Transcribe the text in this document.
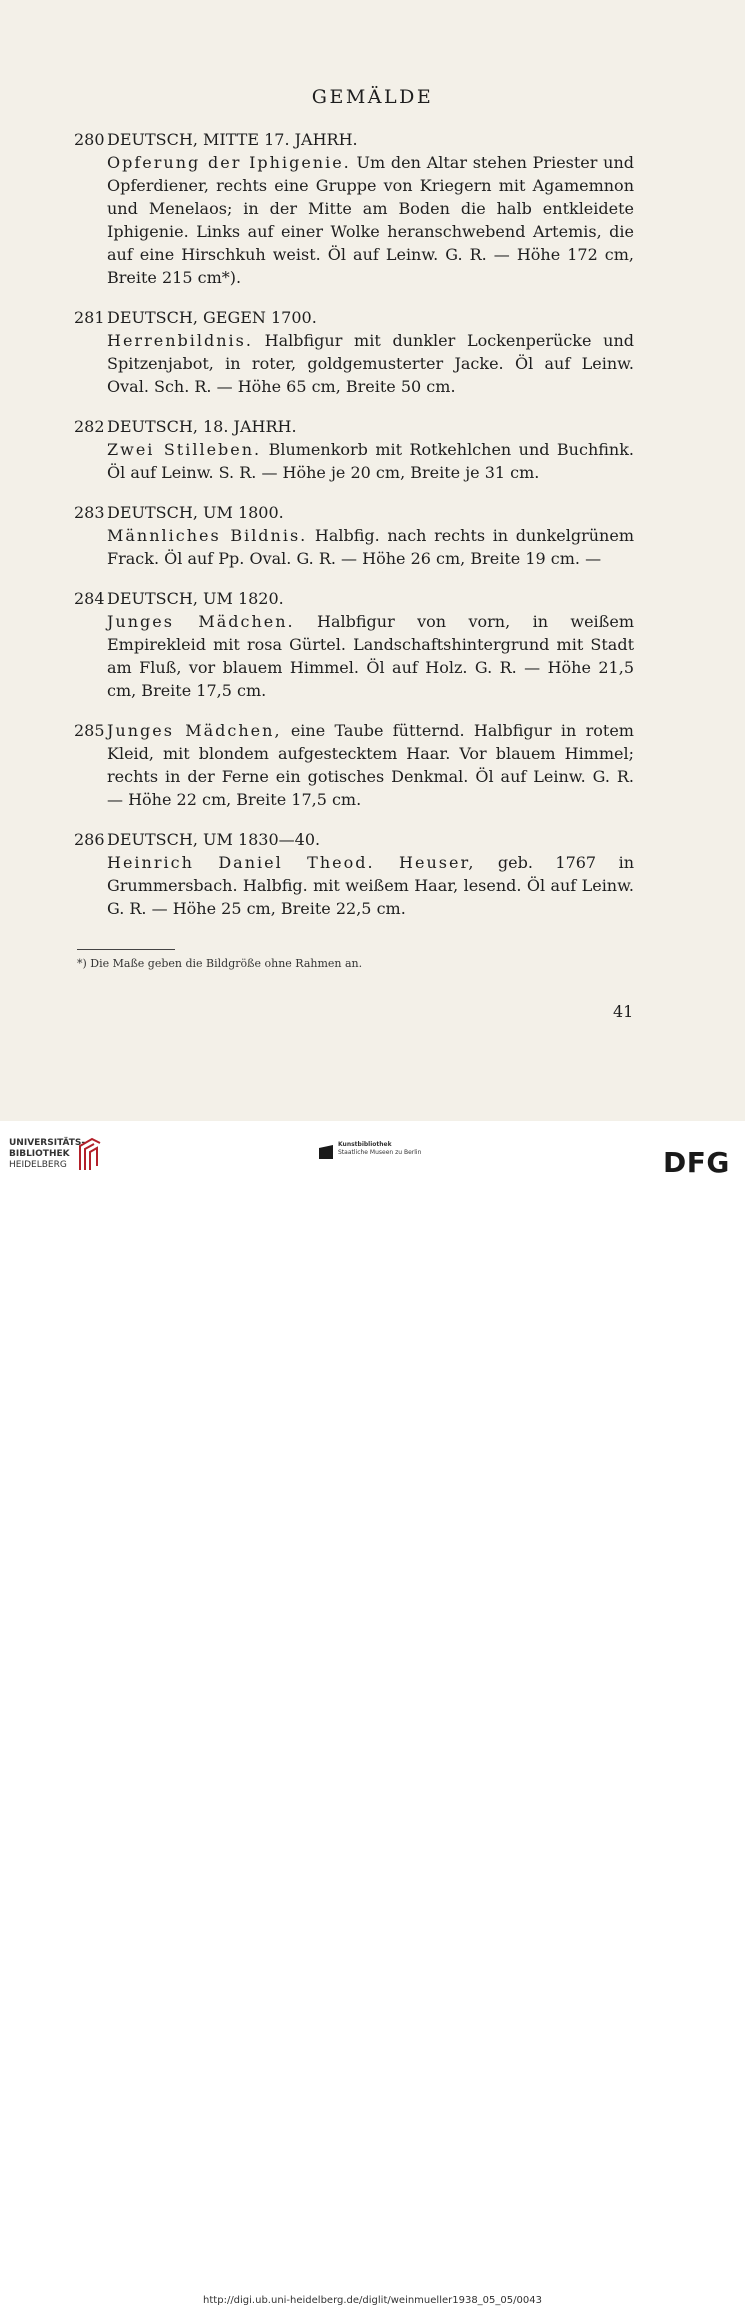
GEMÄLDE
280 DEUTSCH, MITTE 17. JAHRH.
Opferung der Iphigenie. Um den Altar stehen Priester und Opferdiener, rechts eine Gruppe von Kriegern mit Agamemnon und Menelaos; in der Mitte am Boden die halb entkleidete Iphigenie. Links auf einer Wolke heranschwebend Artemis, die auf eine Hirschkuh weist. Öl auf Leinw. G. R. — Höhe 172 cm, Breite 215 cm*).
281 DEUTSCH, GEGEN 1700.
Herrenbildnis. Halbfigur mit dunkler Lockenperücke und Spitzenjabot, in roter, goldgemusterter Jacke. Öl auf Leinw. Oval. Sch. R. — Höhe 65 cm, Breite 50 cm.
282 DEUTSCH, 18. JAHRH.
Zwei Stilleben. Blumenkorb mit Rotkehlchen und Buchfink. Öl auf Leinw. S. R. — Höhe je 20 cm, Breite je 31 cm.
283 DEUTSCH, UM 1800.
Männliches Bildnis. Halbfig. nach rechts in dunkelgrünem Frack. Öl auf Pp. Oval. G. R. — Höhe 26 cm, Breite 19 cm. —
284 DEUTSCH, UM 1820.
Junges Mädchen. Halbfigur von vorn, in weißem Empirekleid mit rosa Gürtel. Landschaftshintergrund mit Stadt am Fluß, vor blauem Himmel. Öl auf Holz. G. R. — Höhe 21,5 cm, Breite 17,5 cm.
285 Junges Mädchen, eine Taube fütternd. Halbfigur in rotem Kleid, mit blondem aufgestecktem Haar. Vor blauem Himmel; rechts in der Ferne ein gotisches Denkmal. Öl auf Leinw. G. R. — Höhe 22 cm, Breite 17,5 cm.
286 DEUTSCH, UM 1830—40.
Heinrich Daniel Theod. Heuser, geb. 1767 in Grummersbach. Halbfig. mit weißem Haar, lesend. Öl auf Leinw. G. R. — Höhe 25 cm, Breite 22,5 cm.
*) Die Maße geben die Bildgröße ohne Rahmen an.
41
UNIVERSITÄTS-
BIBLIOTHEK
HEIDELBERG
Kunstbibliothek
Staatliche Museen zu Berlin	DFG
http://digi.ub.uni-heidelberg.de/diglit/weinmueller1938_05_05/0043
